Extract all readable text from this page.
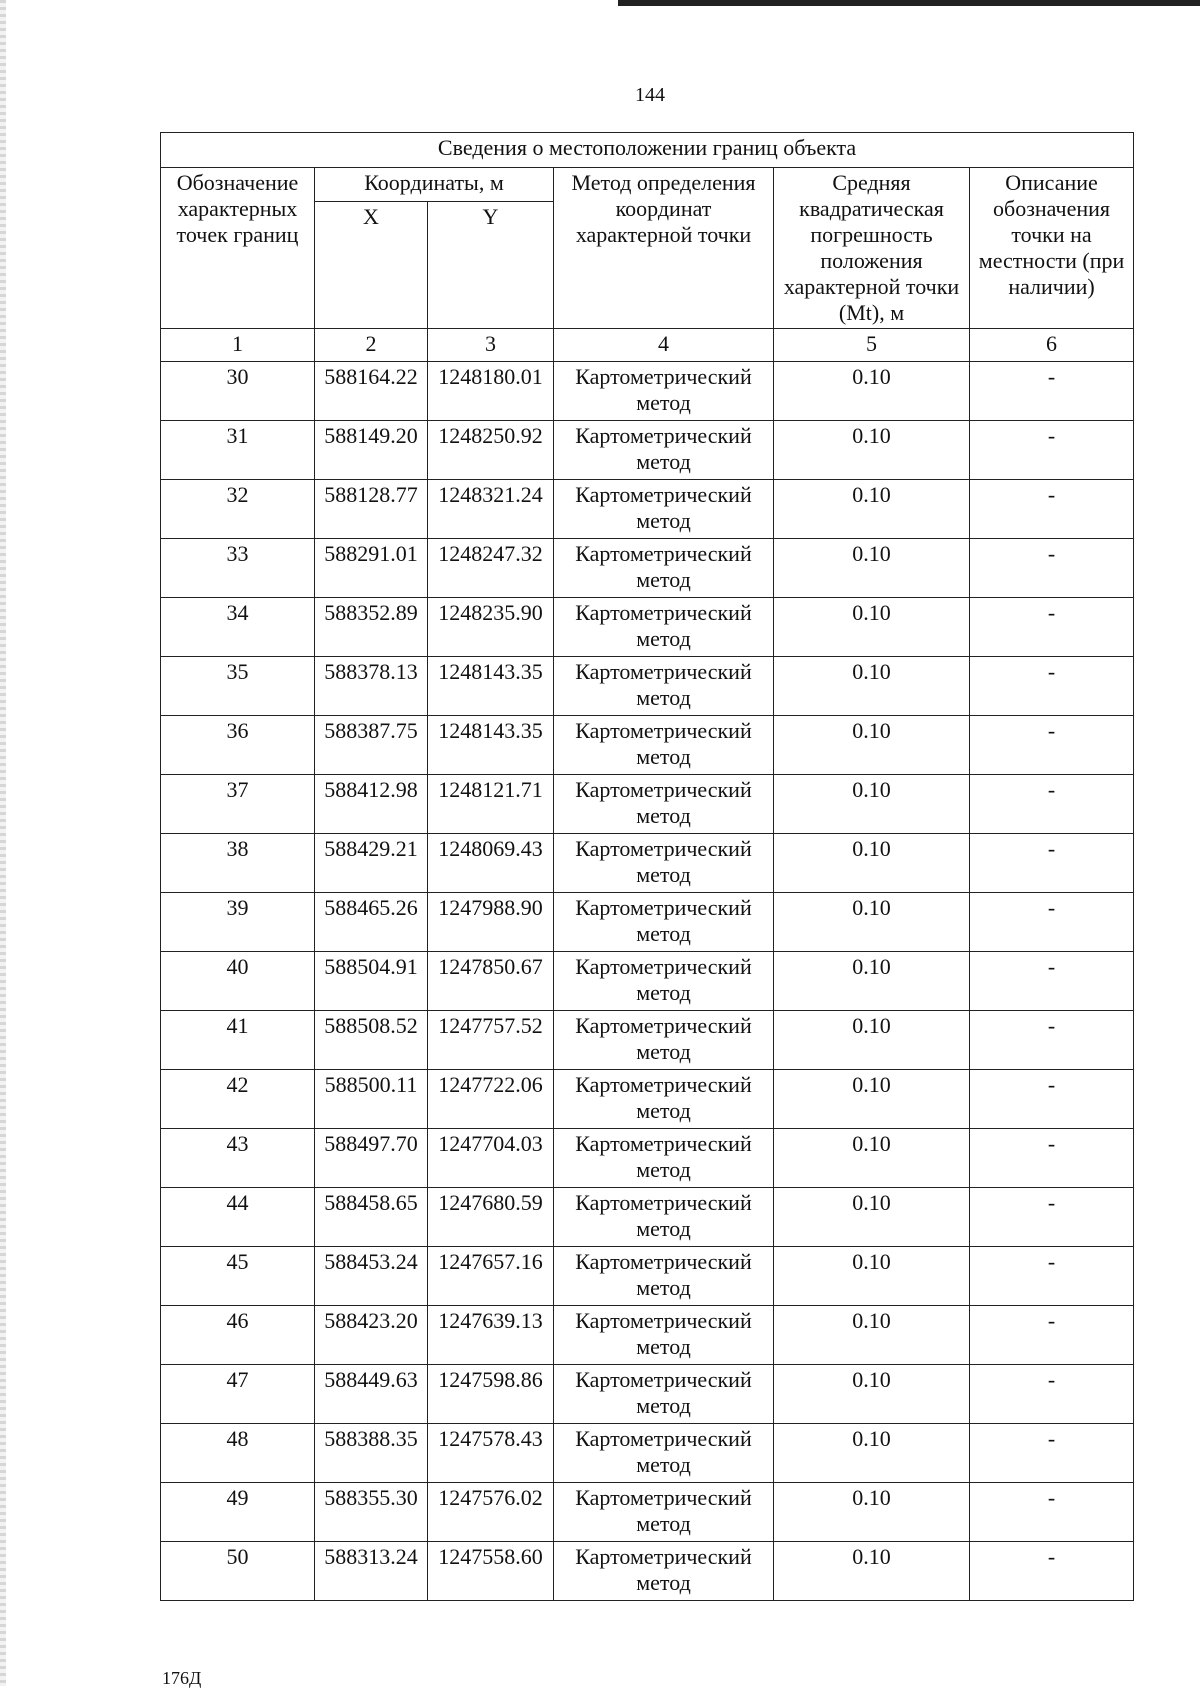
144
Сведения о местоположении границ объекта					
Обозначение характерных точек границ	Координаты, м		Метод определения координат характерной точки	Средняя квадратическая погрешность положения характерной точки (Mt), м	Описание обозначения точки на местности (при наличии)
	X	Y			
1	2	3	4	5	6

30	588164.22	1248180.01	Картометрический метод	0.10	-

31	588149.20	1248250.92	Картометрический метод	0.10	-

32	588128.77	1248321.24	Картометрический метод	0.10	-

33	588291.01	1248247.32	Картометрический метод	0.10	-

34	588352.89	1248235.90	Картометрический метод	0.10	-

35	588378.13	1248143.35	Картометрический метод	0.10	-

36	588387.75	1248143.35	Картометрический метод	0.10	-

37	588412.98	1248121.71	Картометрический метод	0.10	-

38	588429.21	1248069.43	Картометрический метод	0.10	-

39	588465.26	1247988.90	Картометрический метод	0.10	-

40	588504.91	1247850.67	Картометрический метод	0.10	-

41	588508.52	1247757.52	Картометрический метод	0.10	-

42	588500.11	1247722.06	Картометрический метод	0.10	-

43	588497.70	1247704.03	Картометрический метод	0.10	-

44	588458.65	1247680.59	Картометрический метод	0.10	-

45	588453.24	1247657.16	Картометрический метод	0.10	-

46	588423.20	1247639.13	Картометрический метод	0.10	-

47	588449.63	1247598.86	Картометрический метод	0.10	-

48	588388.35	1247578.43	Картометрический метод	0.10	-

49	588355.30	1247576.02	Картометрический метод	0.10	-

50	588313.24	1247558.60	Картометрический метод	0.10	-
176Д
